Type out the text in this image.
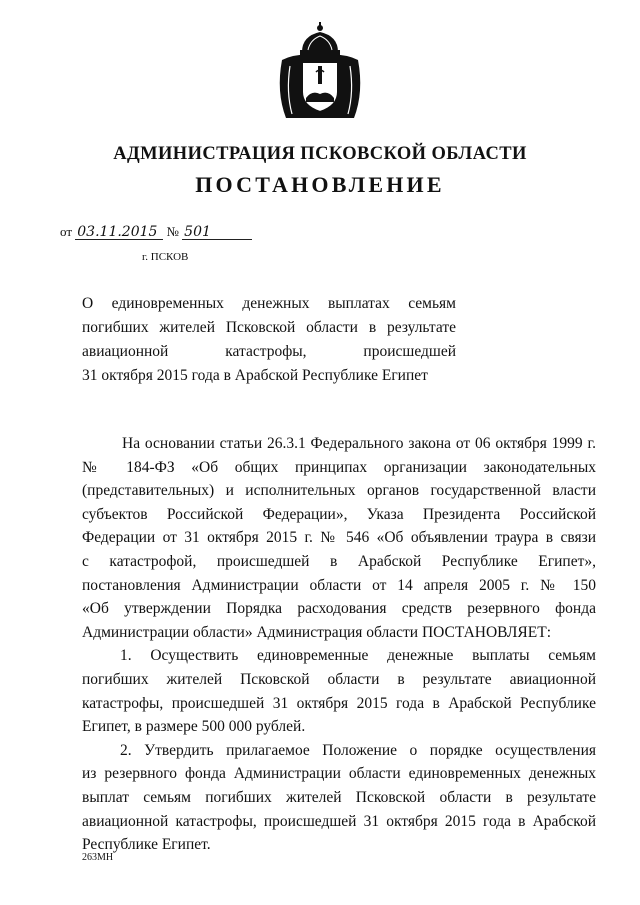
АДМИНИСТРАЦИЯ ПСКОВСКОЙ ОБЛАСТИ
ПОСТАНОВЛЕНИЕ
от 03.11.2015 № 501
г. ПСКОВ
О единовременных денежных выплатах семьям
погибших жителей Псковской области в результате
авиационной катастрофы, происшедшей
31 октября 2015 года в Арабской Республике Египет
На основании статьи 26.3.1 Федерального закона от 06 октября 1999 г.
№ 184-ФЗ «Об общих принципах организации законодательных
(представительных) и исполнительных органов государственной власти
субъектов Российской Федерации», Указа Президента Российской
Федерации от 31 октября 2015 г. № 546 «Об объявлении траура в связи
с катастрофой, происшедшей в Арабской Республике Египет»,
постановления Администрации области от 14 апреля 2005 г. № 150
«Об утверждении Порядка расходования средств резервного фонда
Администрации области» Администрация области ПОСТАНОВЛЯЕТ:
1. Осуществить единовременные денежные выплаты семьям
погибших жителей Псковской области в результате авиационной
катастрофы, происшедшей 31 октября 2015 года в Арабской Республике
Египет, в размере 500 000 рублей.
2. Утвердить прилагаемое Положение о порядке осуществления
из резервного фонда Администрации области единовременных денежных
выплат семьям погибших жителей Псковской области в результате
авиационной катастрофы, происшедшей 31 октября 2015 года в Арабской
Республике Египет.
263МН
